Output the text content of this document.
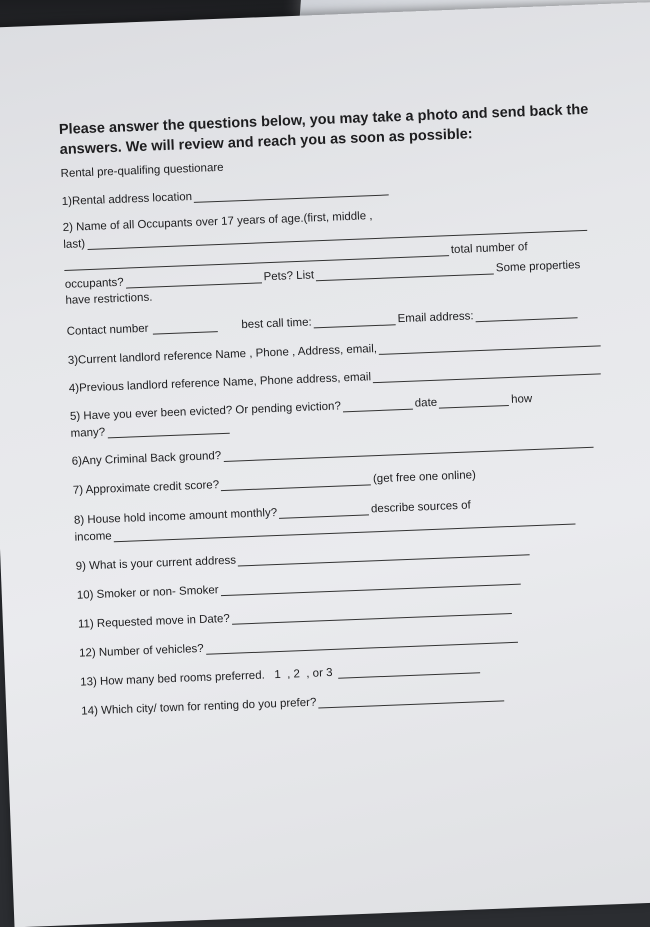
Please answer the questions below, you may take a photo and send back the answers. We will review and reach you as soon as possible:
Rental pre-qualifing questionare
1)Rental address location
2) Name of all Occupants over 17 years of age.(first, middle ,
last)	total number of
occupants?
Pets? List
Some properties
have restrictions.
Contact number	best call time:	Email address:
3)Current landlord reference Name , Phone , Address, email,
4)Previous landlord reference Name, Phone address, email
5) Have you ever been evicted? Or pending eviction?	date	how
many?
6)Any Criminal Back ground?
7) Approximate credit score?
(get free one online)
8) House hold income amount monthly?	describe sources of
income
9) What is your current address
10) Smoker or non- Smoker
11) Requested move in Date?
12) Number of vehicles?
13) How many bed rooms preferred.   1  , 2  , or 3
14) Which city/ town for renting do you prefer?
